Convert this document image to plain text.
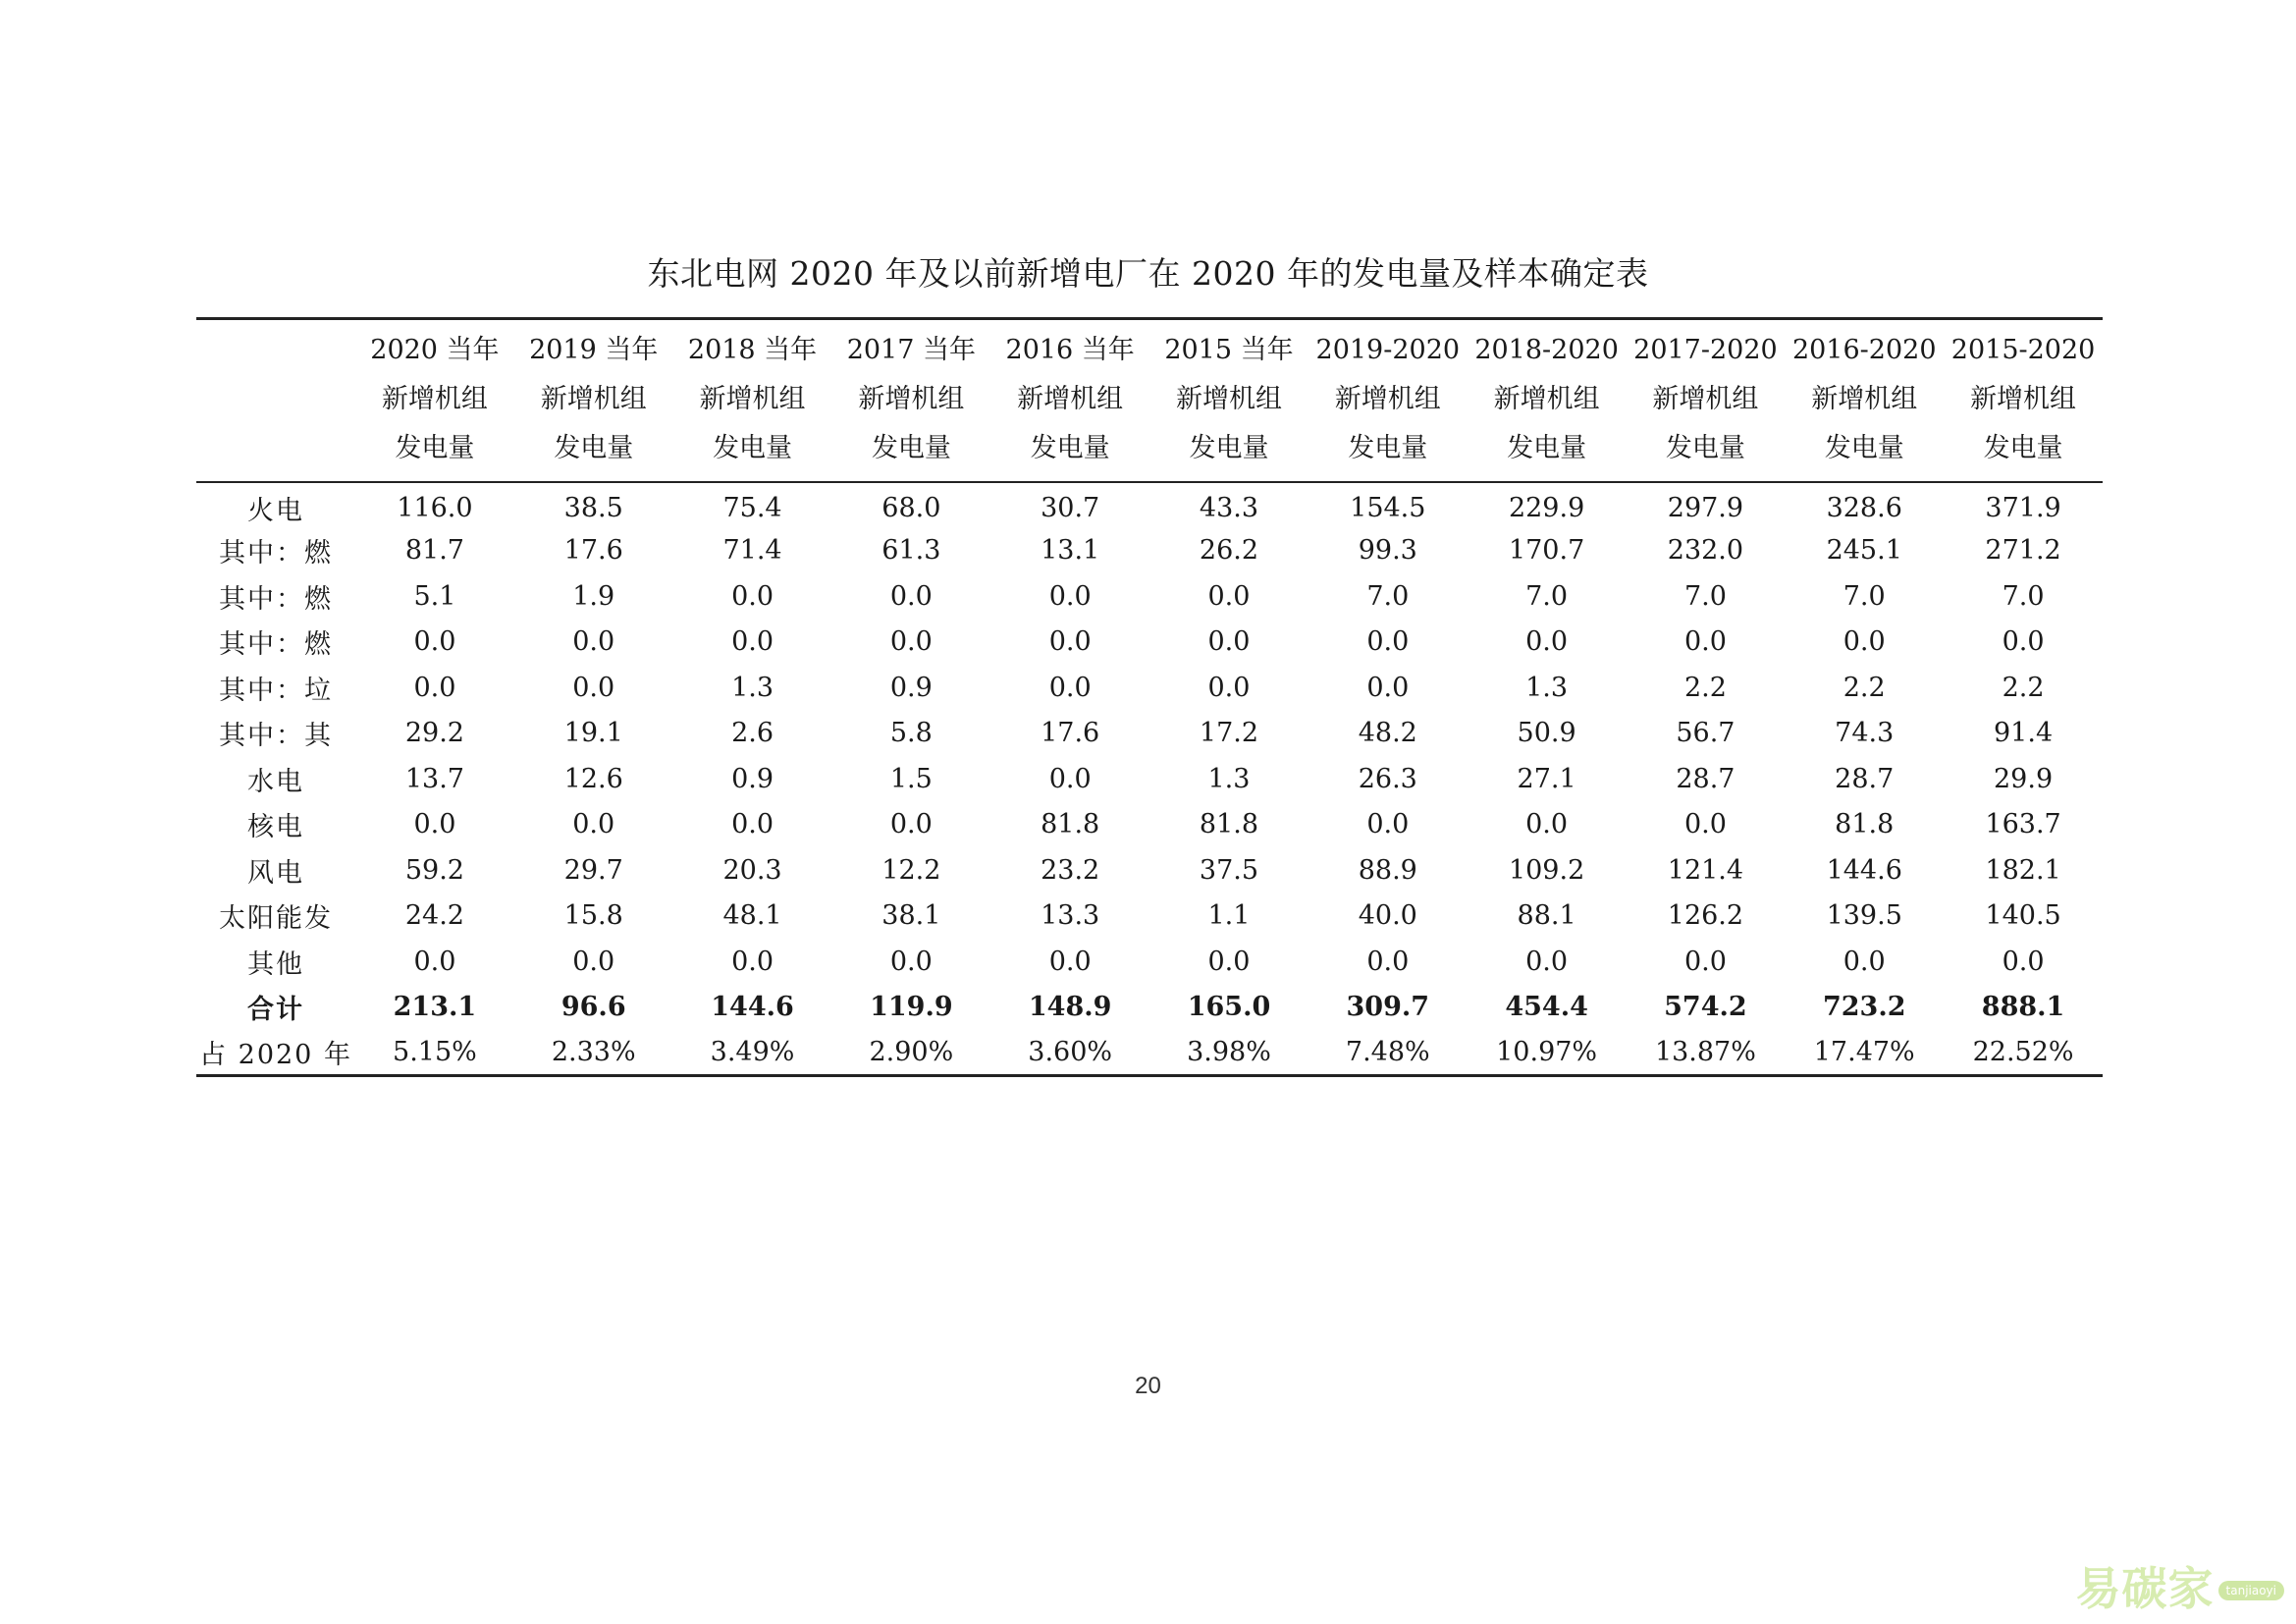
东北电网 2020 年及以前新增电厂在 2020 年的发电量及样本确定表

	2020 当年
新增机组
发电量	2019 当年
新增机组
发电量	2018 当年
新增机组
发电量	2017 当年
新增机组
发电量	2016 当年
新增机组
发电量	2015 当年
新增机组
发电量	2019-2020
新增机组
发电量	2018-2020
新增机组
发电量	2017-2020
新增机组
发电量	2016-2020
新增机组
发电量	2015-2020
新增机组
发电量

火电	116.0	38.5	75.4	68.0	30.7	43.3	154.5	229.9	297.9	328.6	371.9
其中：燃	81.7	17.6	71.4	61.3	13.1	26.2	99.3	170.7	232.0	245.1	271.2
其中：燃	5.1	1.9	0.0	0.0	0.0	0.0	7.0	7.0	7.0	7.0	7.0
其中：燃	0.0	0.0	0.0	0.0	0.0	0.0	0.0	0.0	0.0	0.0	0.0
其中：垃	0.0	0.0	1.3	0.9	0.0	0.0	0.0	1.3	2.2	2.2	2.2
其中：其	29.2	19.1	2.6	5.8	17.6	17.2	48.2	50.9	56.7	74.3	91.4
水电	13.7	12.6	0.9	1.5	0.0	1.3	26.3	27.1	28.7	28.7	29.9
核电	0.0	0.0	0.0	0.0	81.8	81.8	0.0	0.0	0.0	81.8	163.7
风电	59.2	29.7	20.3	12.2	23.2	37.5	88.9	109.2	121.4	144.6	182.1
太阳能发	24.2	15.8	48.1	38.1	13.3	1.1	40.0	88.1	126.2	139.5	140.5
其他	0.0	0.0	0.0	0.0	0.0	0.0	0.0	0.0	0.0	0.0	0.0
合计	213.1	96.6	144.6	119.9	148.9	165.0	309.7	454.4	574.2	723.2	888.1
占 2020 年	5.15%	2.33%	3.49%	2.90%	3.60%	3.98%	7.48%	10.97%	13.87%	17.47%	22.52%
20
易碳家	tanjiaoyi
